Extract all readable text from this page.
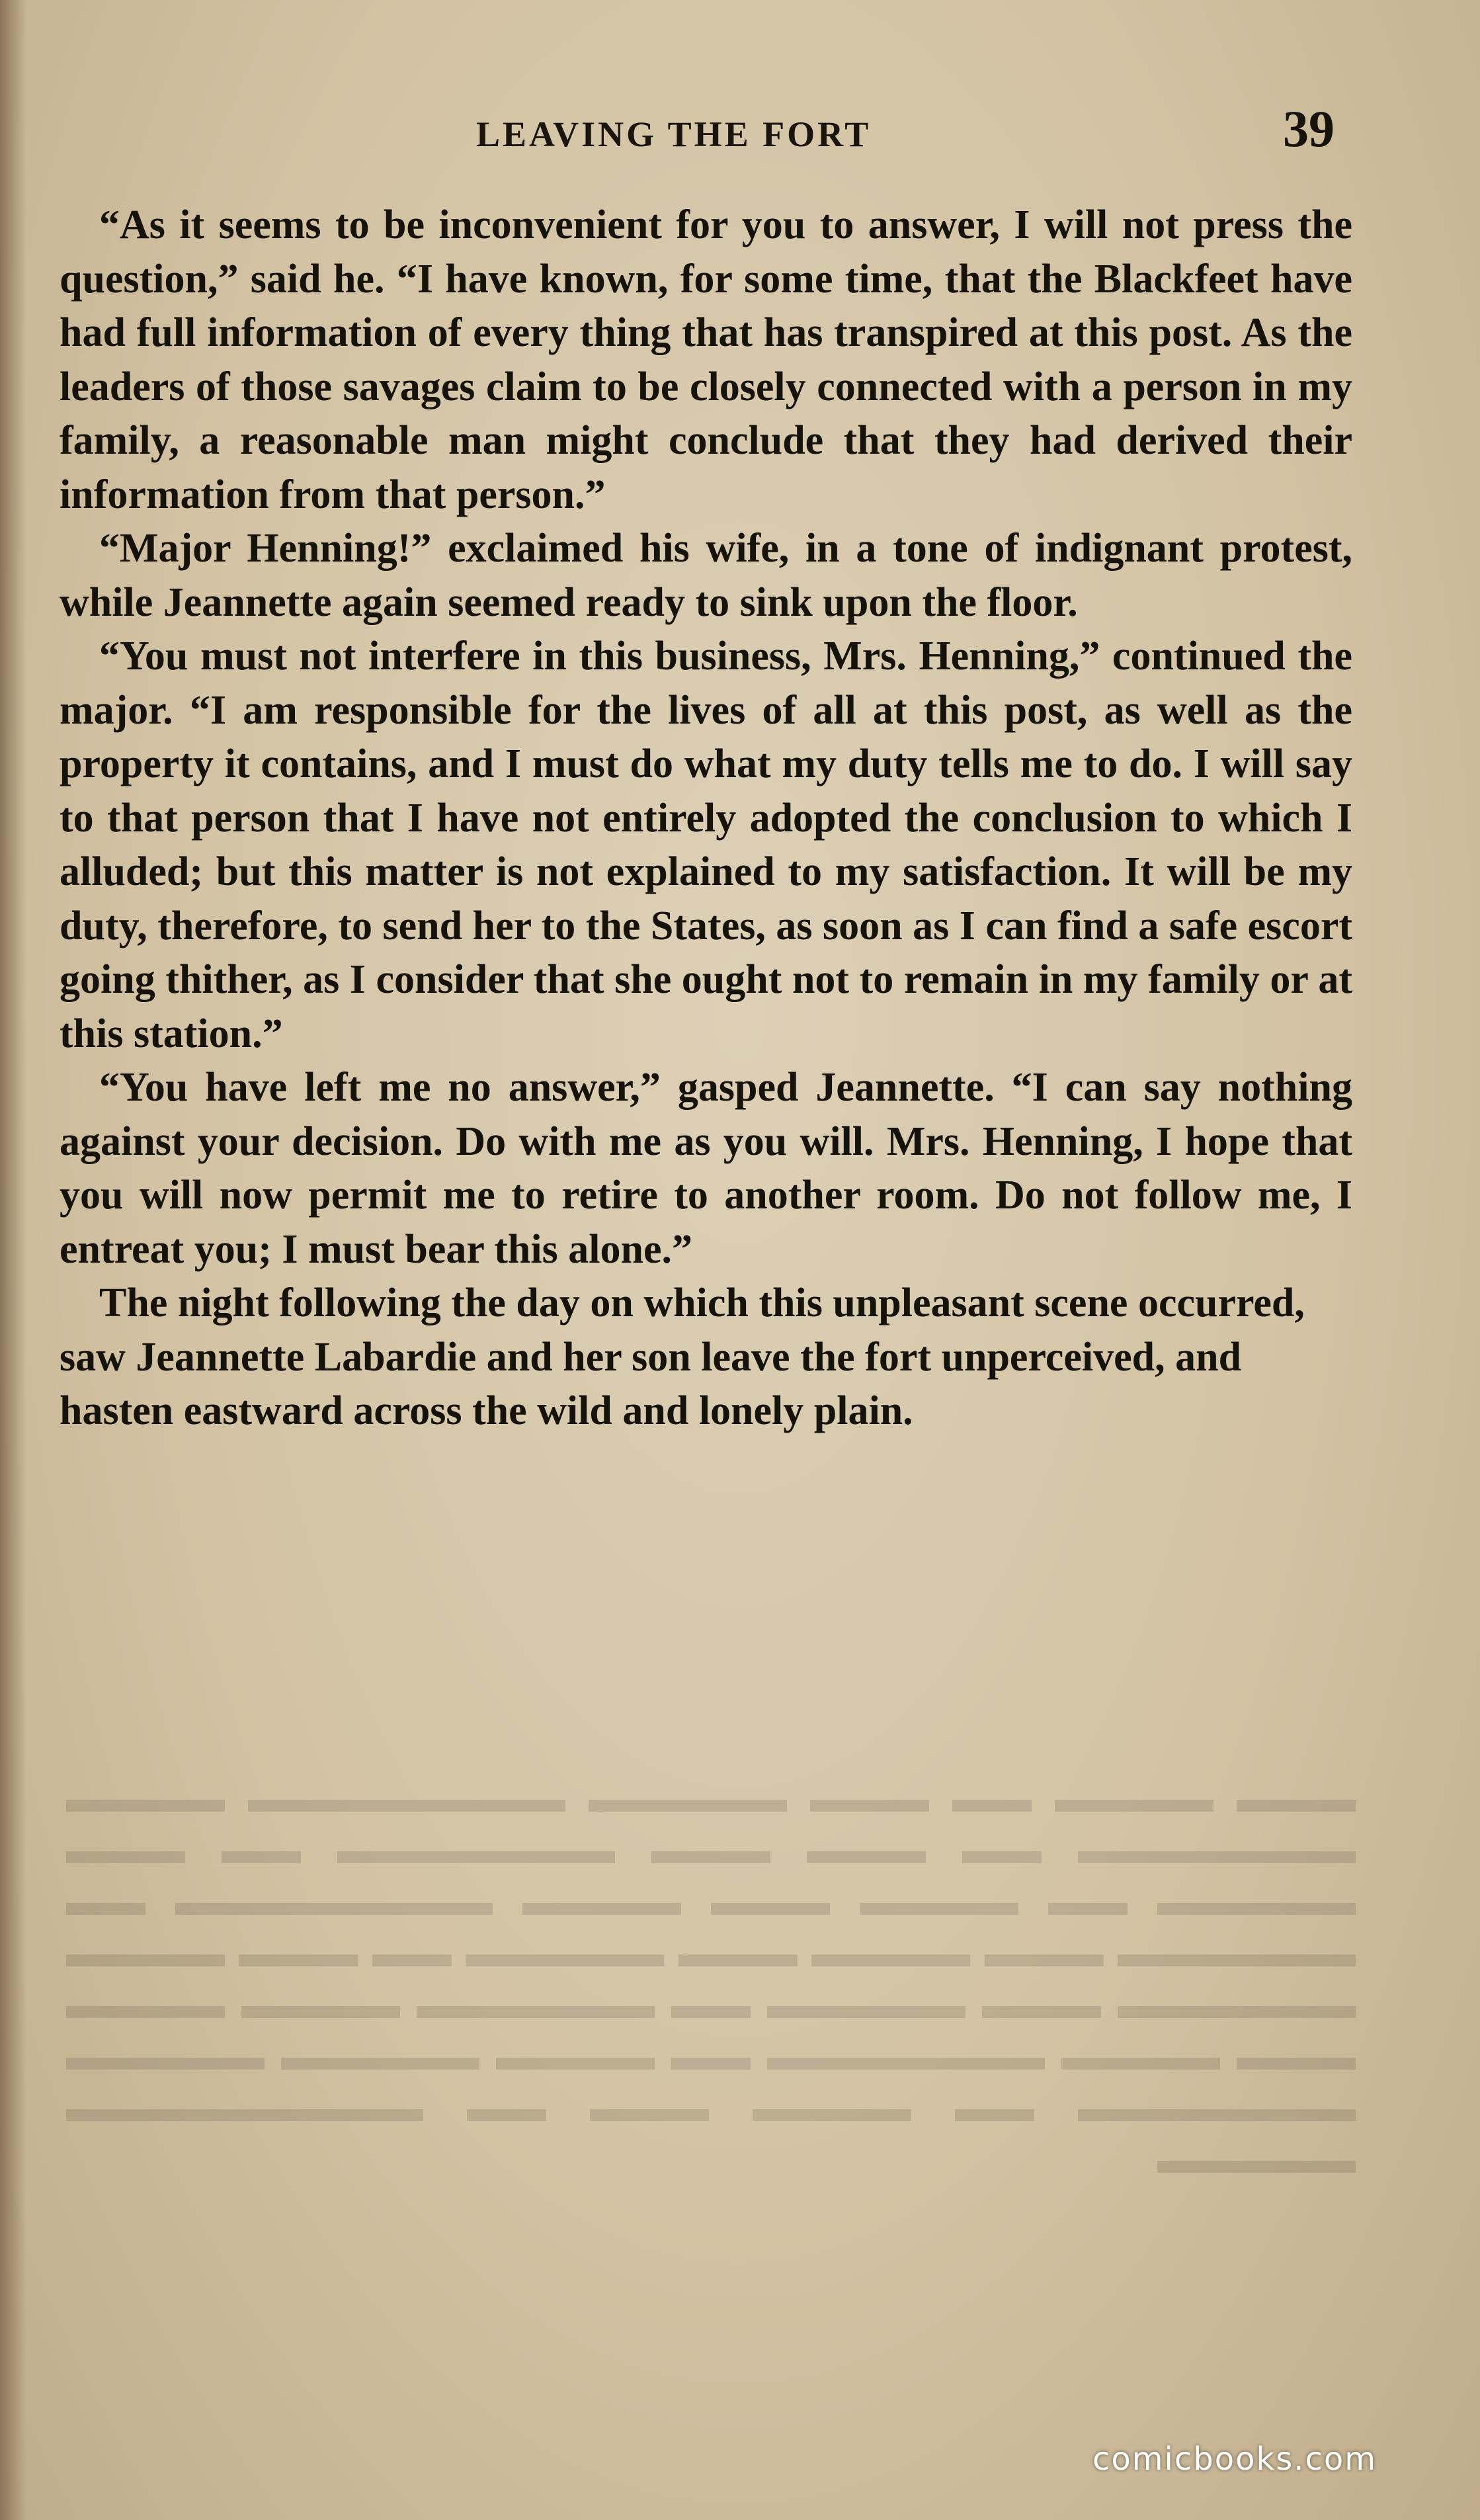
LEAVING THE FORT	39

“As it seems to be inconvenient for you to answer, I will not press the question,” said he. “I have known, for some time, that the Blackfeet have had full information of every thing that has transpired at this post. As the leaders of those savages claim to be closely connected with a person in my family, a reasonable man might conclude that they had derived their information from that person.”

“Major Henning!” exclaimed his wife, in a tone of indignant protest, while Jeannette again seemed ready to sink upon the floor.

“You must not interfere in this business, Mrs. Henning,” continued the major. “I am responsible for the lives of all at this post, as well as the property it contains, and I must do what my duty tells me to do. I will say to that person that I have not entirely adopted the conclusion to which I alluded; but this matter is not explained to my satisfaction. It will be my duty, therefore, to send her to the States, as soon as I can find a safe escort going thither, as I consider that she ought not to remain in my family or at this station.”

“You have left me no answer,” gasped Jeannette. “I can say nothing against your decision. Do with me as you will. Mrs. Henning, I hope that you will now permit me to retire to another room. Do not follow me, I entreat you; I must bear this alone.”

The night following the day on which this unpleasant scene occurred, saw Jeannette Labardie and her son leave the fort unperceived, and hasten eastward across the wild and lonely plain.

▬▬▬ ▬▬▬▬ ▬▬ ▬▬▬ ▬▬▬▬▬ ▬▬▬▬▬▬▬▬ ▬▬▬▬ ▬▬▬▬▬▬▬ ▬▬ ▬▬▬ ▬▬▬ ▬▬▬▬▬▬▬ ▬▬ ▬▬▬ ▬▬▬▬▬ ▬▬ ▬▬▬▬ ▬▬▬ ▬▬▬▬ ▬▬▬▬▬▬▬▬ ▬▬ ▬▬▬▬▬▬ ▬▬▬ ▬▬▬▬ ▬▬▬ ▬▬▬▬▬ ▬▬ ▬▬▬ ▬▬▬▬ ▬▬▬▬▬▬ ▬▬▬ ▬▬▬▬▬ ▬▬ ▬▬▬▬▬▬ ▬▬▬▬ ▬▬▬▬ ▬▬▬ ▬▬▬▬ ▬▬▬▬▬▬▬ ▬▬ ▬▬▬▬ ▬▬▬▬▬ ▬▬▬▬▬ ▬▬▬▬▬▬▬ ▬▬ ▬▬▬▬ ▬▬▬ ▬▬ ▬▬▬▬▬▬▬▬▬ ▬▬▬▬▬
comicbooks.com
